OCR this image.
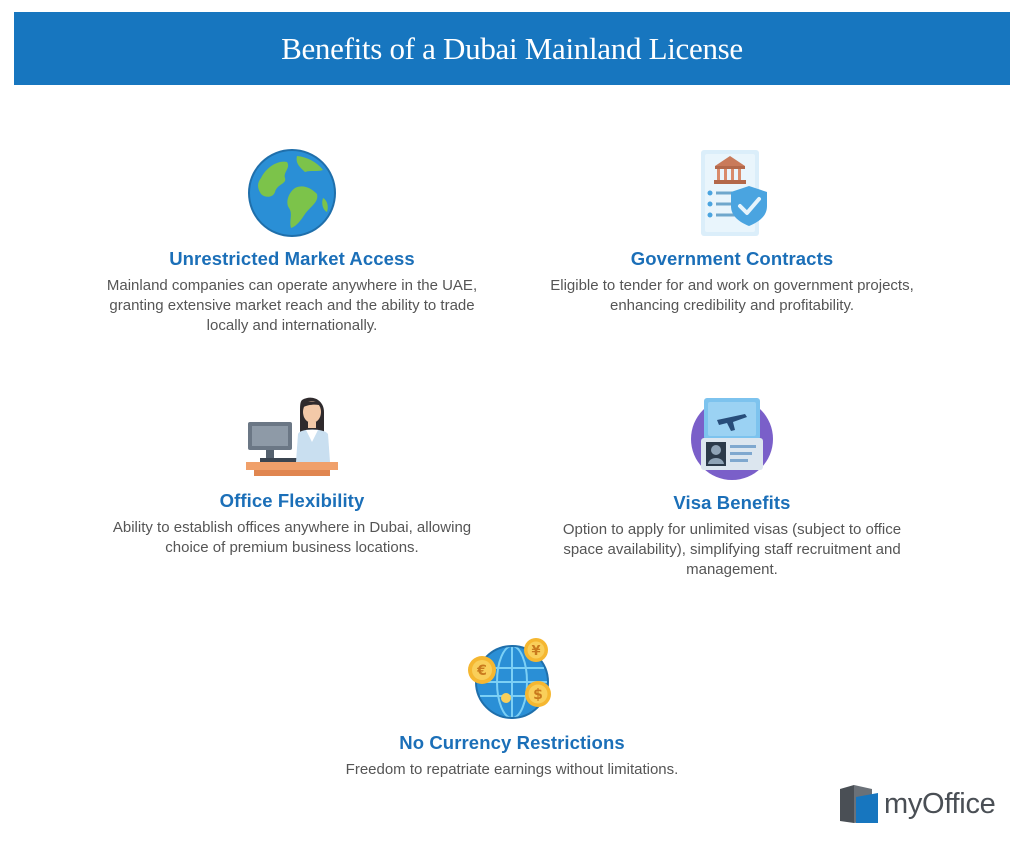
Benefits of a Dubai Mainland License
Unrestricted Market Access
Mainland companies can operate anywhere in the UAE, granting extensive market reach and the ability to trade locally and internationally.
Government Contracts
Eligible to tender for and work on government projects, enhancing credibility and profitability.
Office Flexibility
Ability to establish offices anywhere in Dubai, allowing choice of premium business locations.
Visa Benefits
Option to apply for unlimited visas (subject to office space availability), simplifying staff recruitment and management.
€
¥
$
No Currency Restrictions
Freedom to repatriate earnings without limitations.
myOffice
